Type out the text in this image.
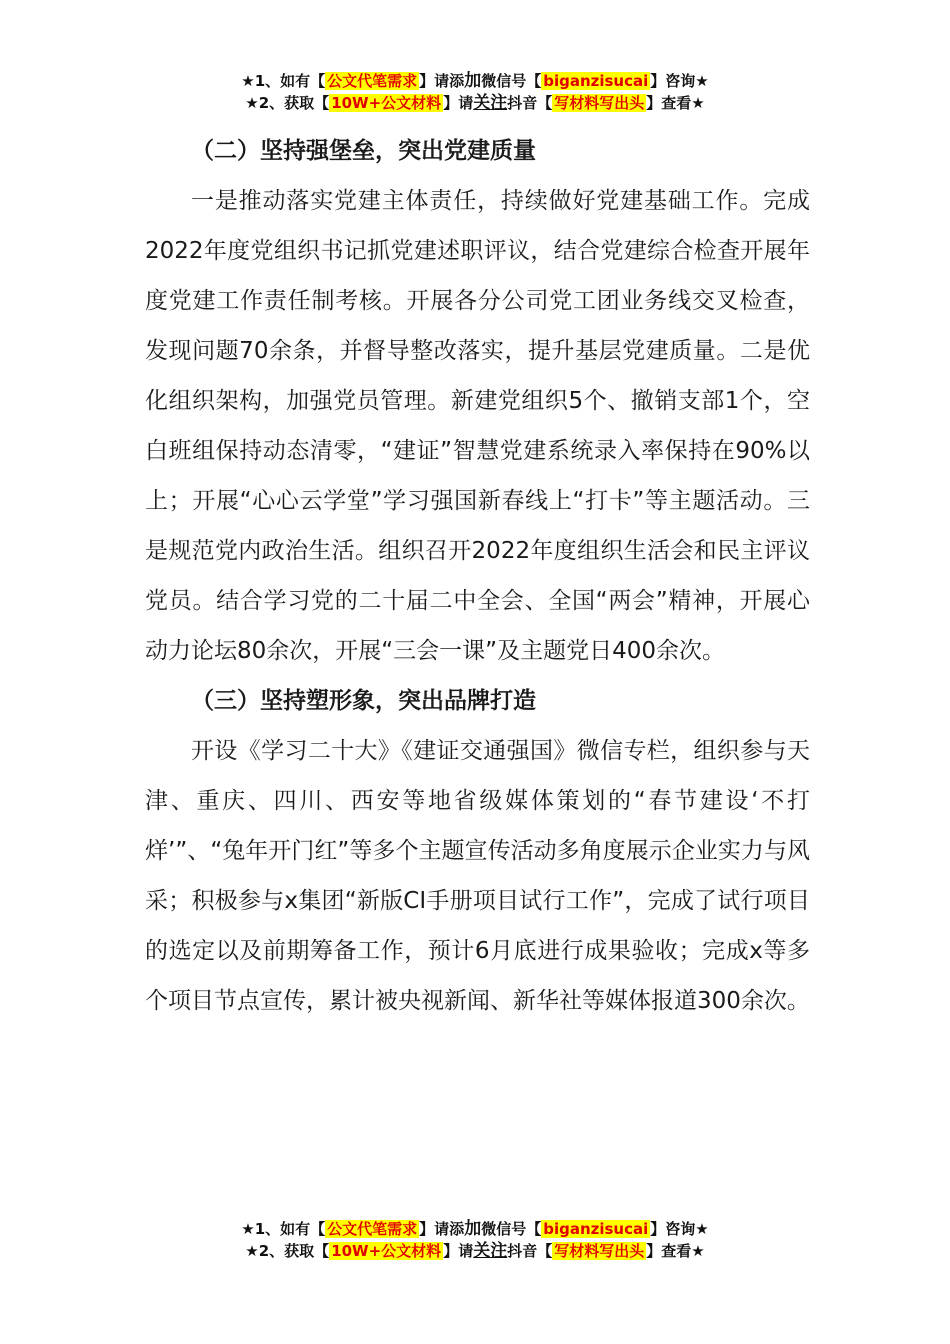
★1、如有【 公文代笔需求 】请添加微信号【 biganzisucai 】咨询★
★2、获取【 10W+公文材料 】请关注抖音【 写材料写出头 】查看★
（二）坚持强堡垒，突出党建质量

一是推动落实党建主体责任，持续做好党建基础工作。完成2022年度党组织书记抓党建述职评议，结合党建综合检查开展年度党建工作责任制考核。开展各分公司党工团业务线交叉检查，发现问题70余条，并督导整改落实，提升基层党建质量。二是优化组织架构，加强党员管理。新建党组织5个、撤销支部1个，空白班组保持动态清零，“建证”智慧党建系统录入率保持在90%以上；开展“心心云学堂”学习强国新春线上“打卡”等主题活动。三是规范党内政治生活。组织召开2022年度组织生活会和民主评议党员。结合学习党的二十届二中全会、全国“两会”精神，开展心动力论坛80余次，开展“三会一课”及主题党日400余次。

（三）坚持塑形象，突出品牌打造

开设《学习二十大》《建证交通强国》微信专栏，组织参与天津、重庆、四川、西安等地省级媒体策划的“春节建设‘不打烊’”、“兔年开门红”等多个主题宣传活动多角度展示企业实力与风采；积极参与x集团“新版CI手册项目试行工作”，完成了试行项目的选定以及前期筹备工作，预计6月底进行成果验收；完成x等多个项目节点宣传，累计被央视新闻、新华社等媒体报道300余次。

★1、如有【 公文代笔需求 】请添加微信号【 biganzisucai 】咨询★
★2、获取【 10W+公文材料 】请关注抖音【 写材料写出头 】查看★
